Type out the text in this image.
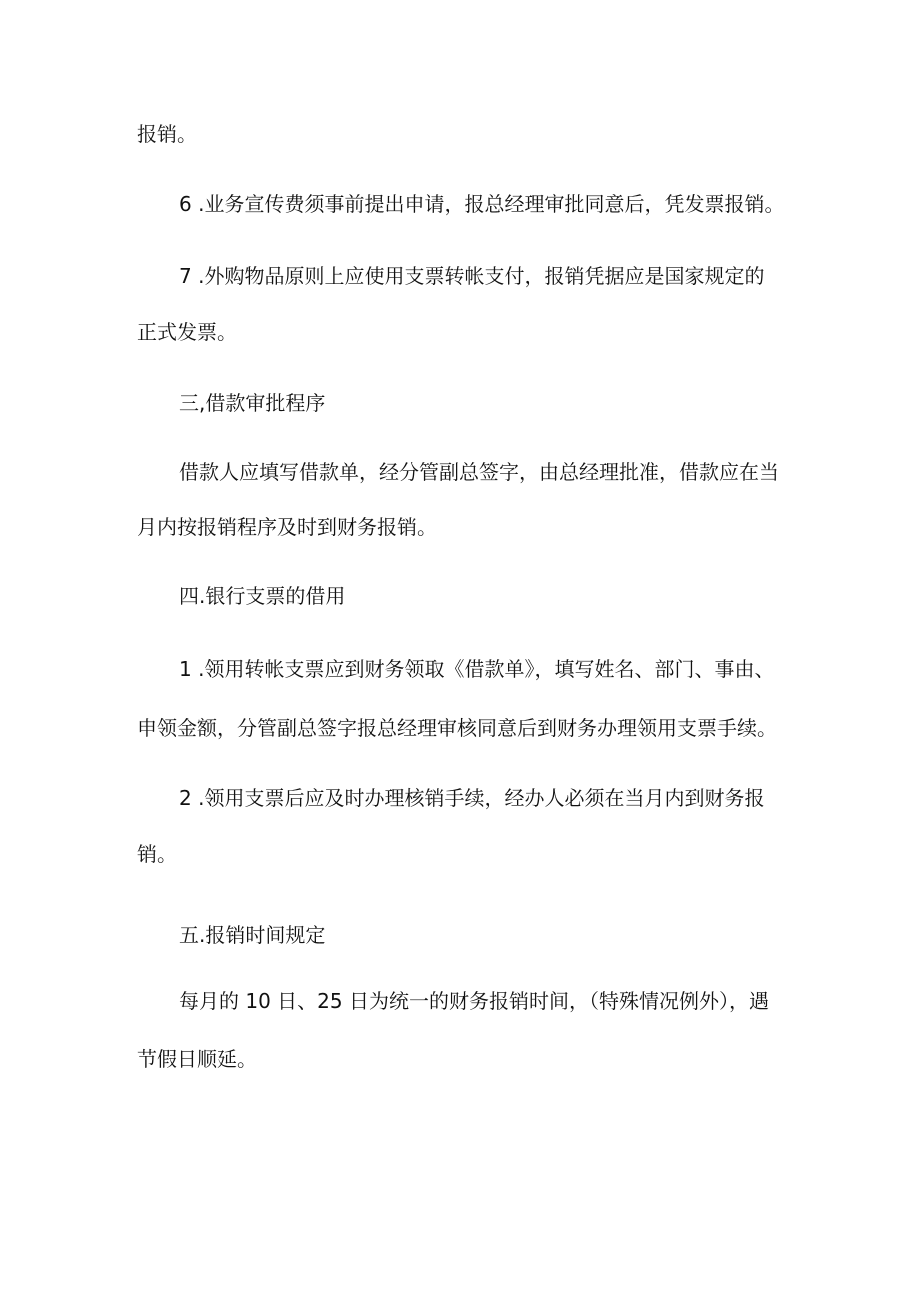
报销。
6 .业务宣传费须事前提出申请，报总经理审批同意后，凭发票报销。
7 .外购物品原则上应使用支票转帐支付，报销凭据应是国家规定的
正式发票。
三,借款审批程序
借款人应填写借款单，经分管副总签字，由总经理批准，借款应在当
月内按报销程序及时到财务报销。
四.银行支票的借用
1 .领用转帐支票应到财务领取《借款单》，填写姓名、部门、事由、
申领金额，分管副总签字报总经理审核同意后到财务办理领用支票手续。
2 .领用支票后应及时办理核销手续，经办人必须在当月内到财务报
销。
五.报销时间规定
每月的 10 日、25 日为统一的财务报销时间，（特殊情况例外），遇
节假日顺延。
